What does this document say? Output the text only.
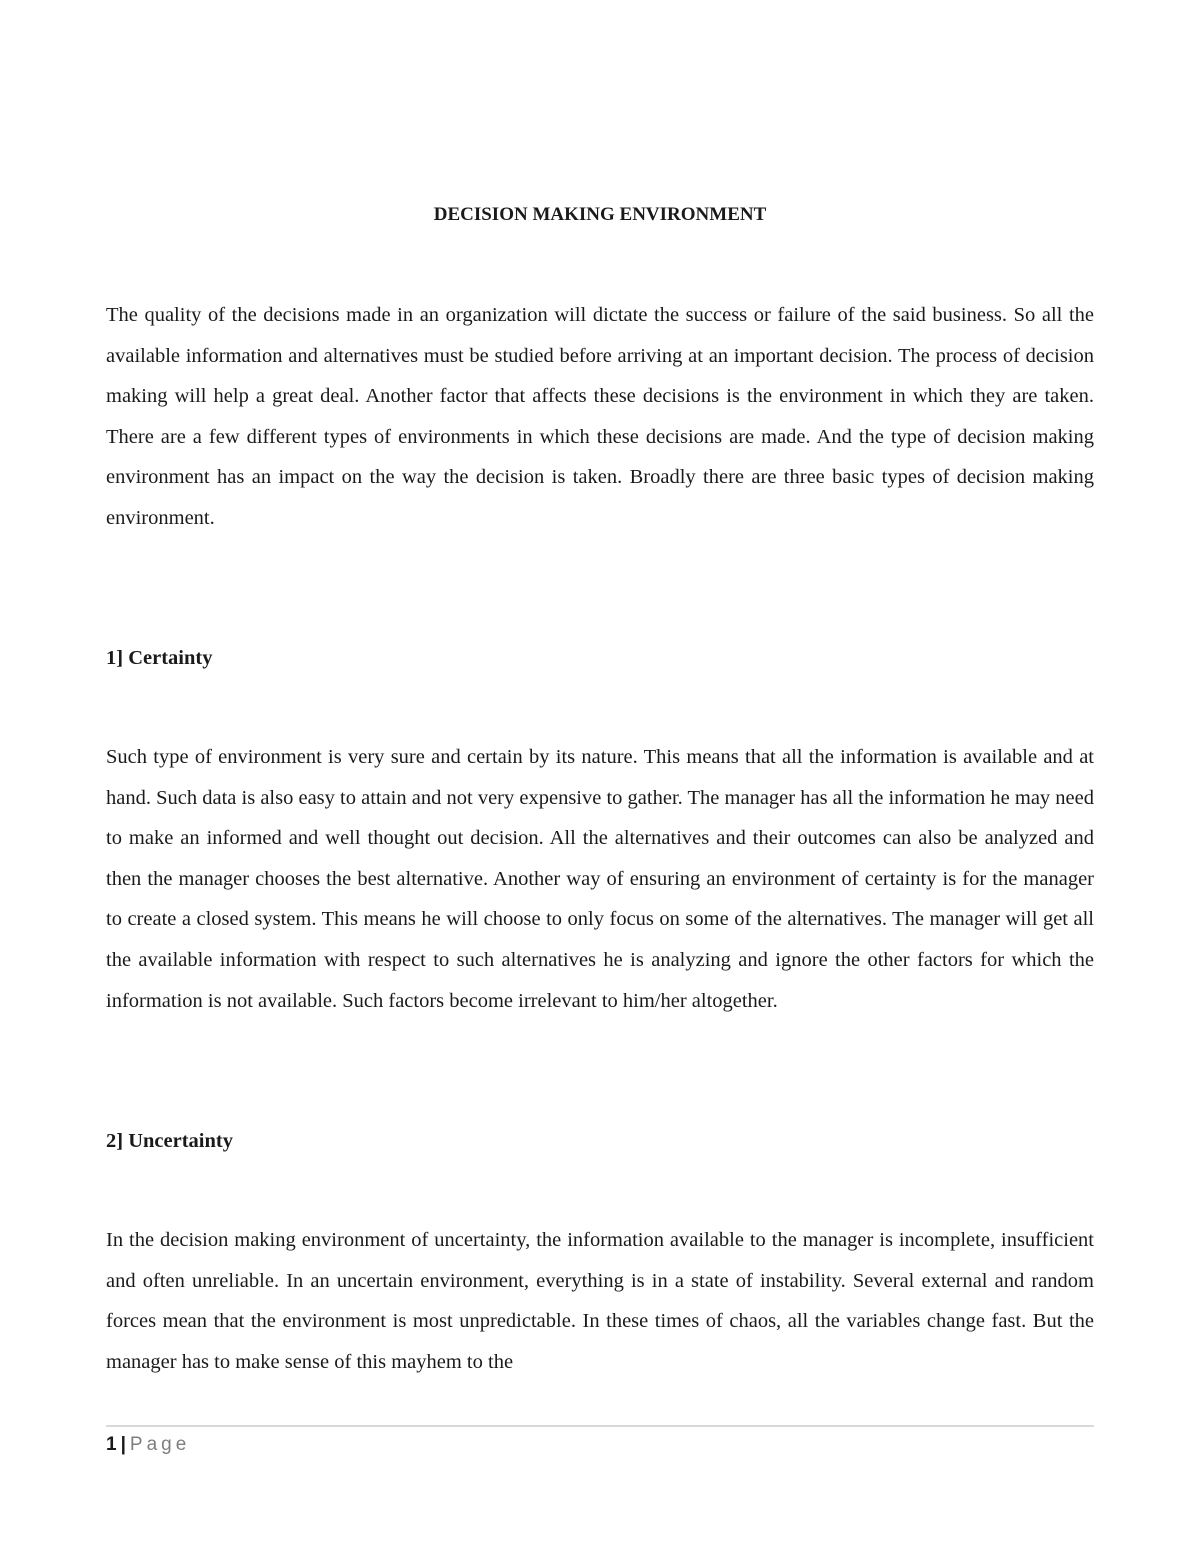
DECISION MAKING ENVIRONMENT

The quality of the decisions made in an organization will dictate the success or failure of the said business. So all the available information and alternatives must be studied before arriving at an important decision. The process of decision making will help a great deal. Another factor that affects these decisions is the environment in which they are taken. There are a few different types of environments in which these decisions are made. And the type of decision making environment has an impact on the way the decision is taken. Broadly there are three basic types of decision making environment.

1] Certainty

Such type of environment is very sure and certain by its nature. This means that all the information is available and at hand. Such data is also easy to attain and not very expensive to gather. The manager has all the information he may need to make an informed and well thought out decision. All the alternatives and their outcomes can also be analyzed and then the manager chooses the best alternative. Another way of ensuring an environment of certainty is for the manager to create a closed system. This means he will choose to only focus on some of the alternatives. The manager will get all the available information with respect to such alternatives he is analyzing and ignore the other factors for which the information is not available. Such factors become irrelevant to him/her altogether.

2] Uncertainty

In the decision making environment of uncertainty, the information available to the manager is incomplete, insufficient and often unreliable. In an uncertain environment, everything is in a state of instability. Several external and random forces mean that the environment is most unpredictable. In these times of chaos, all the variables change fast. But the manager has to make sense of this mayhem to the

1 | Page
